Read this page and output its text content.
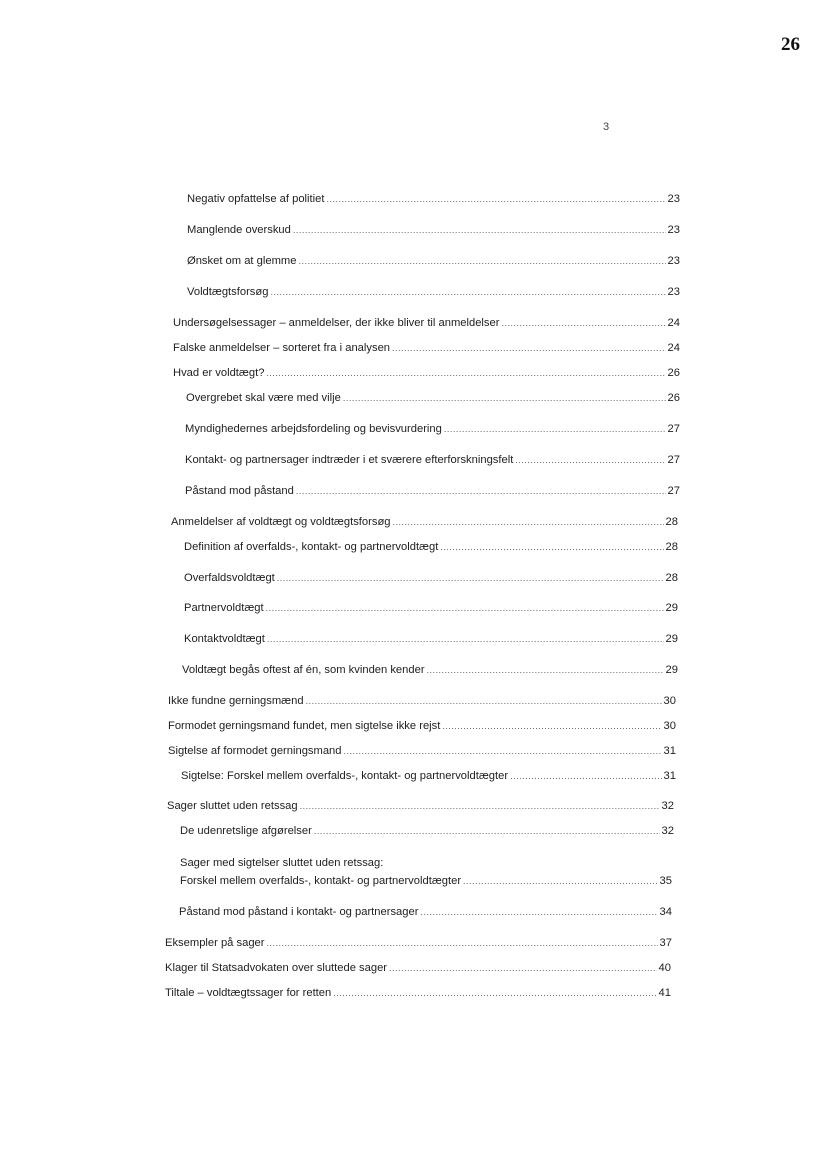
26
3
Negativ opfattelse af politiet .....	23
Manglende overskud .....	23
Ønsket om at glemme .....	23
Voldtægtsforsøg .....	23
Undersøgelsessager – anmeldelser, der ikke bliver til anmeldelser .....	24
Falske anmeldelser – sorteret fra i analysen .....	24
Hvad er voldtægt? .....	26
Overgrebet skal være med vilje .....	26
Myndighedernes arbejdsfordeling og bevisvurdering .....	27
Kontakt- og partnersager indtræder i et sværere efterforskningsfelt .....	27
Påstand mod påstand .....	27
Anmeldelser af voldtægt og voldtægtsforsøg .....	28
Definition af overfalds-, kontakt- og partnervoldtægt .....	28
Overfaldsvoldtægt .....	28
Partnervoldtægt .....	29
Kontaktvoldtægt .....	29
Voldtægt begås oftest af én, som kvinden kender .....	29
Ikke fundne gerningsmænd .....	30
Formodet gerningsmand fundet, men sigtelse ikke rejst .....	30
Sigtelse af formodet gerningsmand .....	31
Sigtelse: Forskel mellem overfalds-, kontakt- og partnervoldtægter .....	31
Sager sluttet uden retssag .....	32
De udenretslige afgørelser .....	32
Sager med sigtelser sluttet uden retssag:
Forskel mellem overfalds-, kontakt- og partnervoldtægter .....	35
Påstand mod påstand i kontakt- og partnersager .....	34
Eksempler på sager .....	37
Klager til Statsadvokaten over sluttede sager .....	40
Tiltale – voldtægtssager for retten .....	41
